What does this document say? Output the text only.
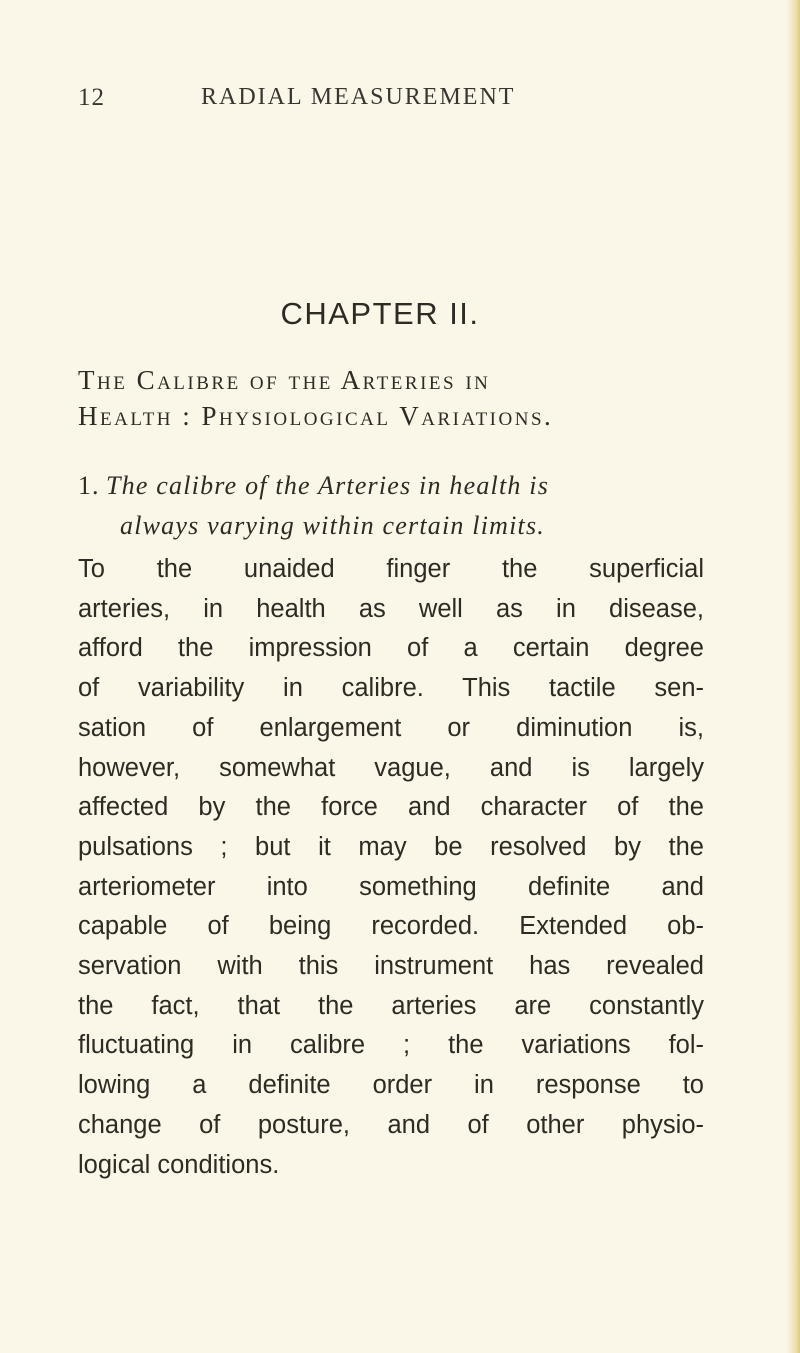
12	RADIAL MEASUREMENT
CHAPTER II.
The Calibre of the Arteries in
Health : Physiological Variations.
1. The calibre of the Arteries in health is
always varying within certain limits.
To the unaided finger the superficial
arteries, in health as well as in disease,
afford the impression of a certain degree
of variability in calibre. This tactile sen-
sation of enlargement or diminution is,
however, somewhat vague, and is largely
affected by the force and character of the
pulsations ; but it may be resolved by the
arteriometer into something definite and
capable of being recorded. Extended ob-
servation with this instrument has revealed
the fact, that the arteries are constantly
fluctuating in calibre ; the variations fol-
lowing a definite order in response to
change of posture, and of other physio-
logical conditions.
